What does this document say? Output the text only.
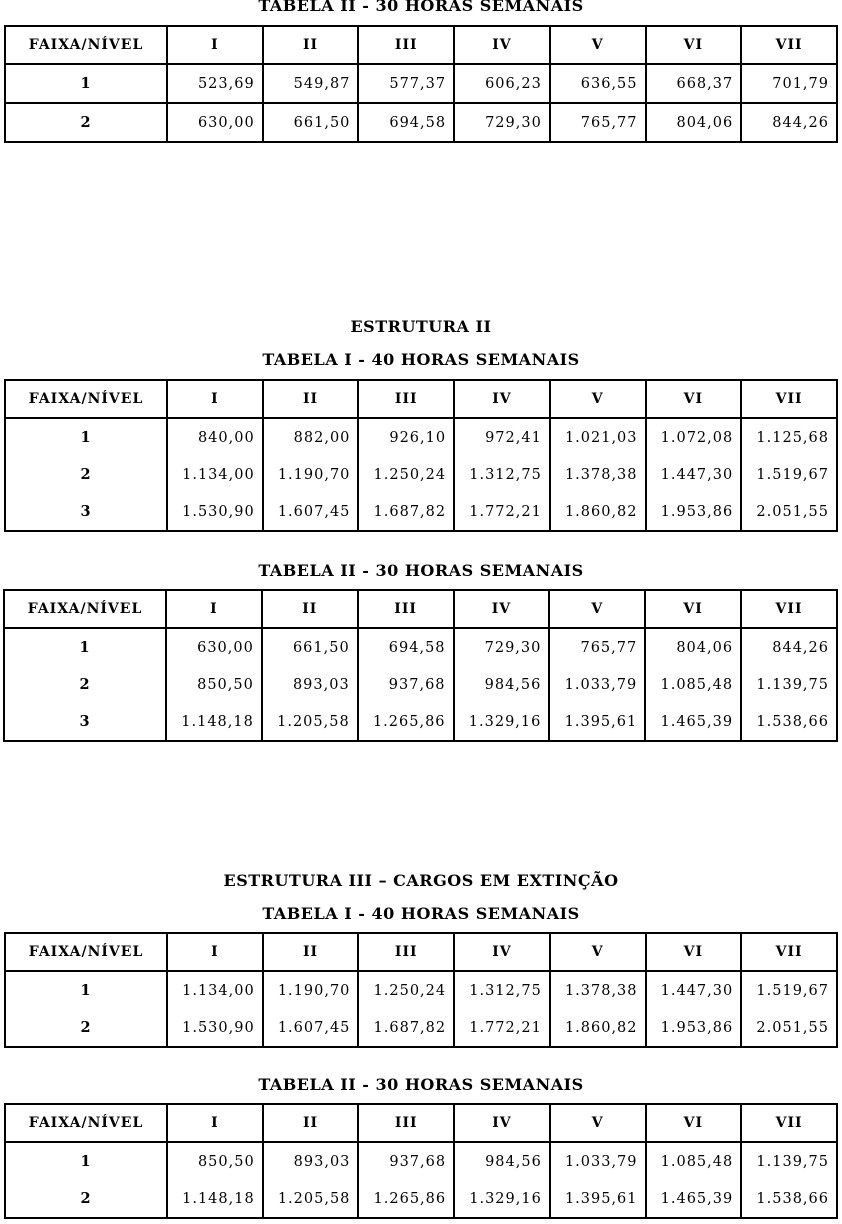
TABELA II - 30 HORAS SEMANAIS
FAIXA/NÍVEL	I	II	III	IV	V	VI	VII
1	523,69	549,87	577,37	606,23	636,55	668,37	701,79
2	630,00	661,50	694,58	729,30	765,77	804,06	844,26
ESTRUTURA II
TABELA I - 40 HORAS SEMANAIS
FAIXA/NÍVEL	I	II	III	IV	V	VI	VII
1	840,00	882,00	926,10	972,41	1.021,03	1.072,08	1.125,68
2	1.134,00	1.190,70	1.250,24	1.312,75	1.378,38	1.447,30	1.519,67
3	1.530,90	1.607,45	1.687,82	1.772,21	1.860,82	1.953,86	2.051,55
TABELA II - 30 HORAS SEMANAIS
FAIXA/NÍVEL	I	II	III	IV	V	VI	VII
1	630,00	661,50	694,58	729,30	765,77	804,06	844,26
2	850,50	893,03	937,68	984,56	1.033,79	1.085,48	1.139,75
3	1.148,18	1.205,58	1.265,86	1.329,16	1.395,61	1.465,39	1.538,66
ESTRUTURA III – CARGOS EM EXTINÇÃO
TABELA I - 40 HORAS SEMANAIS
FAIXA/NÍVEL	I	II	III	IV	V	VI	VII
1	1.134,00	1.190,70	1.250,24	1.312,75	1.378,38	1.447,30	1.519,67
2	1.530,90	1.607,45	1.687,82	1.772,21	1.860,82	1.953,86	2.051,55
TABELA II - 30 HORAS SEMANAIS
FAIXA/NÍVEL	I	II	III	IV	V	VI	VII
1	850,50	893,03	937,68	984,56	1.033,79	1.085,48	1.139,75
2	1.148,18	1.205,58	1.265,86	1.329,16	1.395,61	1.465,39	1.538,66
